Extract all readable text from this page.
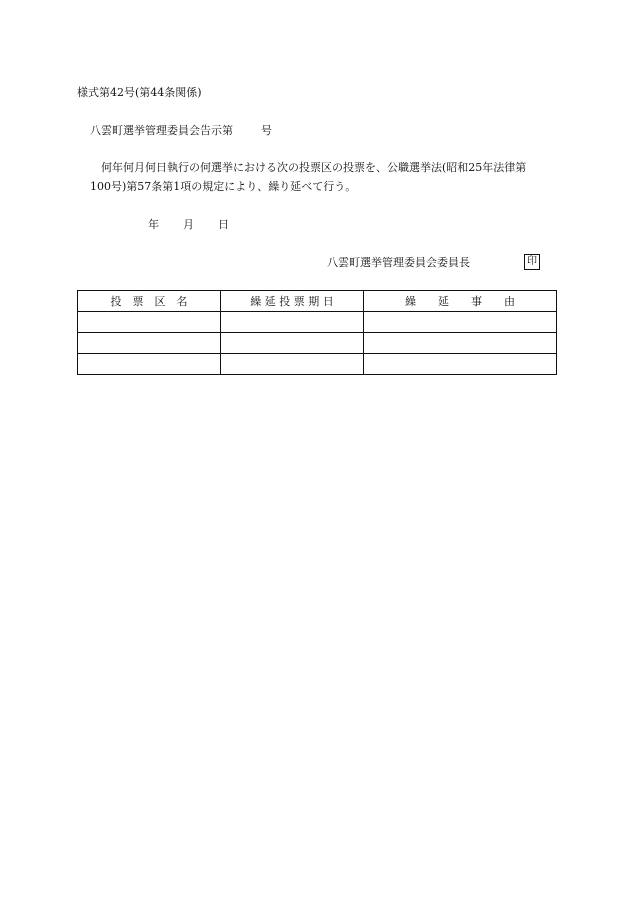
様式第42号(第44条関係)
八雲町選挙管理委員会告示第	号
何年何月何日執行の何選挙における次の投票区の投票を、公職選挙法(昭和25年法律第
100号)第57条第1項の規定により、繰り延べて行う。
年 月 日
八雲町選挙管理委員会委員長	印
投　票　区　名	繰 延 投 票 期 日	繰　　延　　事　　由
